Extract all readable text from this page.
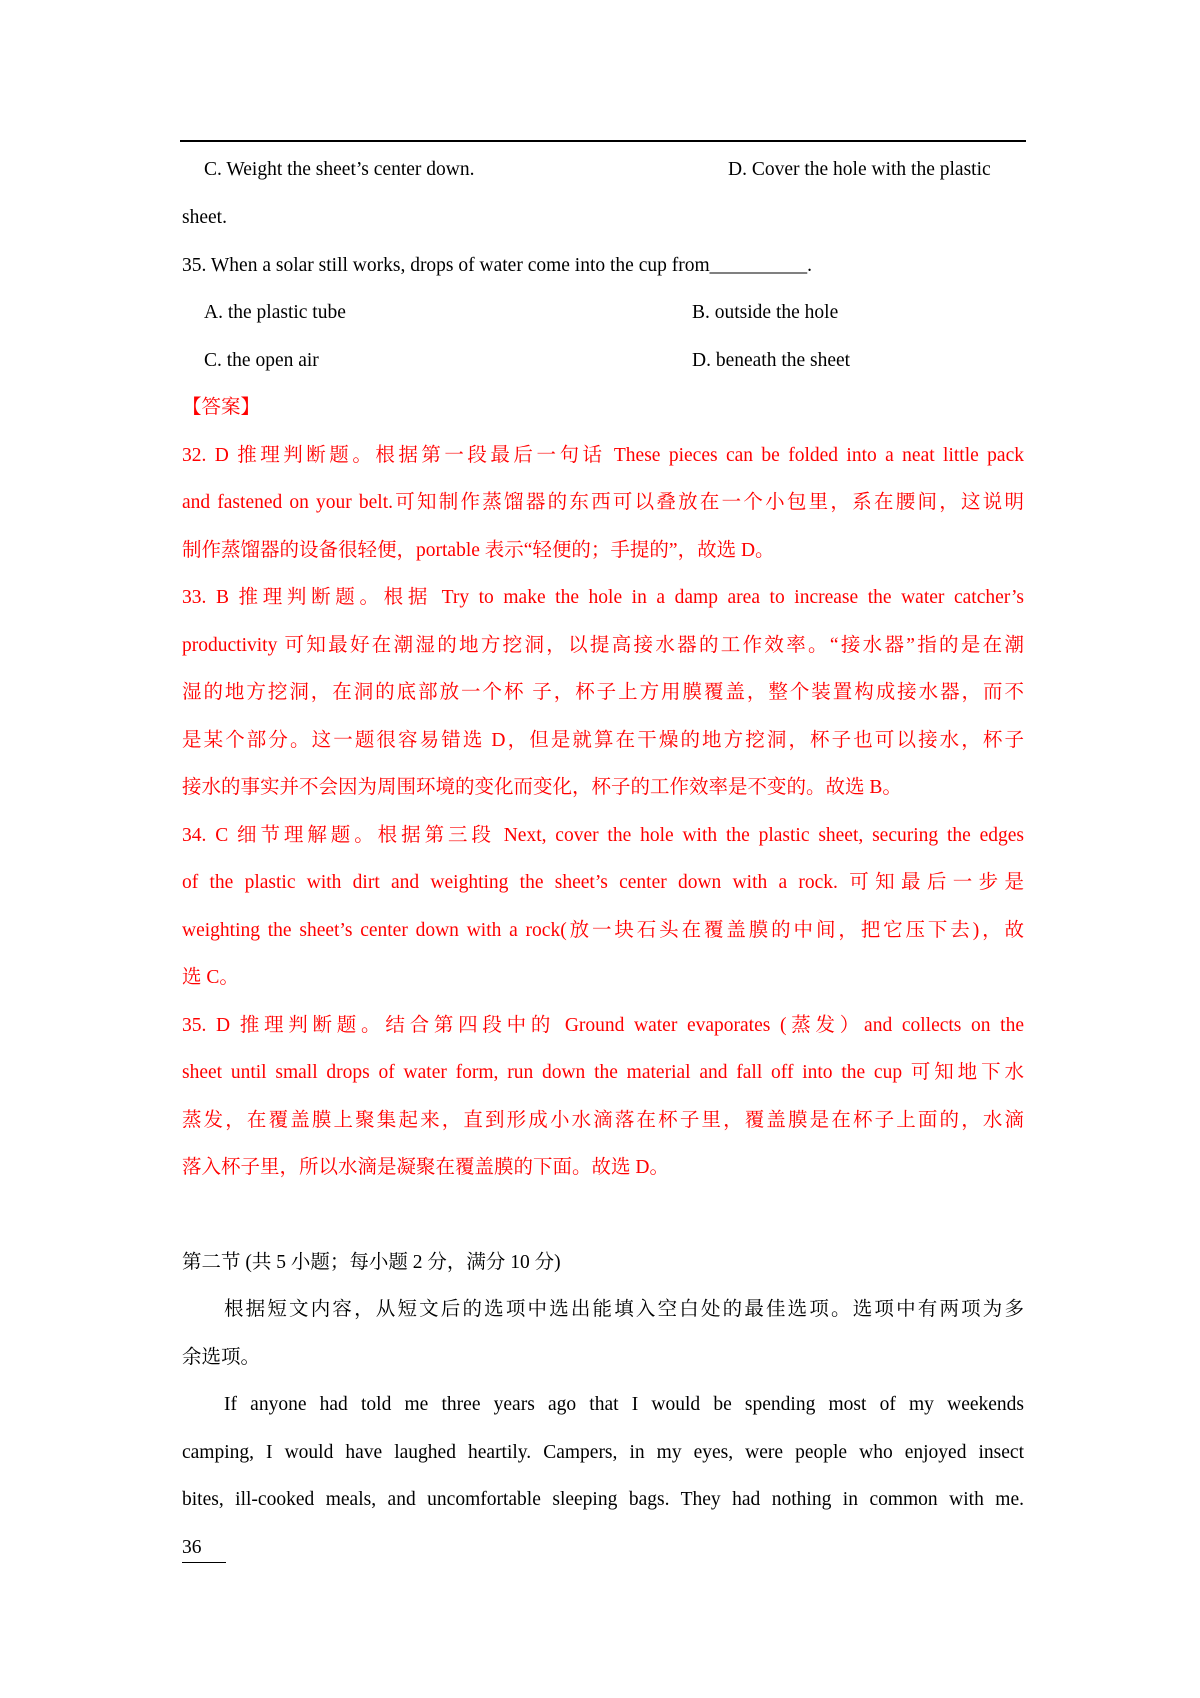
C. Weight the sheet’s center down.	D. Cover the hole with the plastic
sheet.
35. When a solar still works, drops of water come into the cup from__________.
A. the plastic tube	B. outside the hole
C. the open air	D. beneath the sheet
【答案】
32. D 推理判断题。根据第一段最后一句话 These pieces can be folded into a neat little pack
and fastened on your belt.可知制作蒸馏器的东西可以叠放在一个小包里，系在腰间，这说明
制作蒸馏器的设备很轻便，portable 表示“轻便的；手提的”，故选 D。
33. B 推理判断题。根据 Try to make the hole in a damp area to increase the water catcher’s
productivity 可知最好在潮湿的地方挖洞，以提高接水器的工作效率。“接水器”指的是在潮
湿的地方挖洞，在洞的底部放一个杯 子，杯子上方用膜覆盖，整个装置构成接水器，而不
是某个部分。这一题很容易错选 D，但是就算在干燥的地方挖洞，杯子也可以接水，杯子
接水的事实并不会因为周围环境的变化而变化，杯子的工作效率是不变的。故选 B。
34. C 细节理解题。根据第三段 Next, cover the hole with the plastic sheet, securing the edges
of the plastic with dirt and weighting the sheet’s center down with a rock. 可知最后一步是
weighting the sheet’s center down with a rock(放一块石头在覆盖膜的中间，把它压下去)，故
选 C。
35. D 推理判断题。结合第四段中的 Ground water evaporates (蒸发）and collects on the
sheet until small drops of water form, run down the material and fall off into the cup 可知地下水
蒸发，在覆盖膜上聚集起来，直到形成小水滴落在杯子里，覆盖膜是在杯子上面的，水滴
落入杯子里，所以水滴是凝聚在覆盖膜的下面。故选 D。
第二节 (共 5 小题；每小题 2 分，满分 10 分)
根据短文内容，从短文后的选项中选出能填入空白处的最佳选项。选项中有两项为多
余选项。
If anyone had told me three years ago that I would be spending most of my weekends
camping, I would have laughed heartily. Campers, in my eyes, were people who enjoyed insect
bites, ill-cooked meals, and uncomfortable sleeping bags. They had nothing in common with me.
36
